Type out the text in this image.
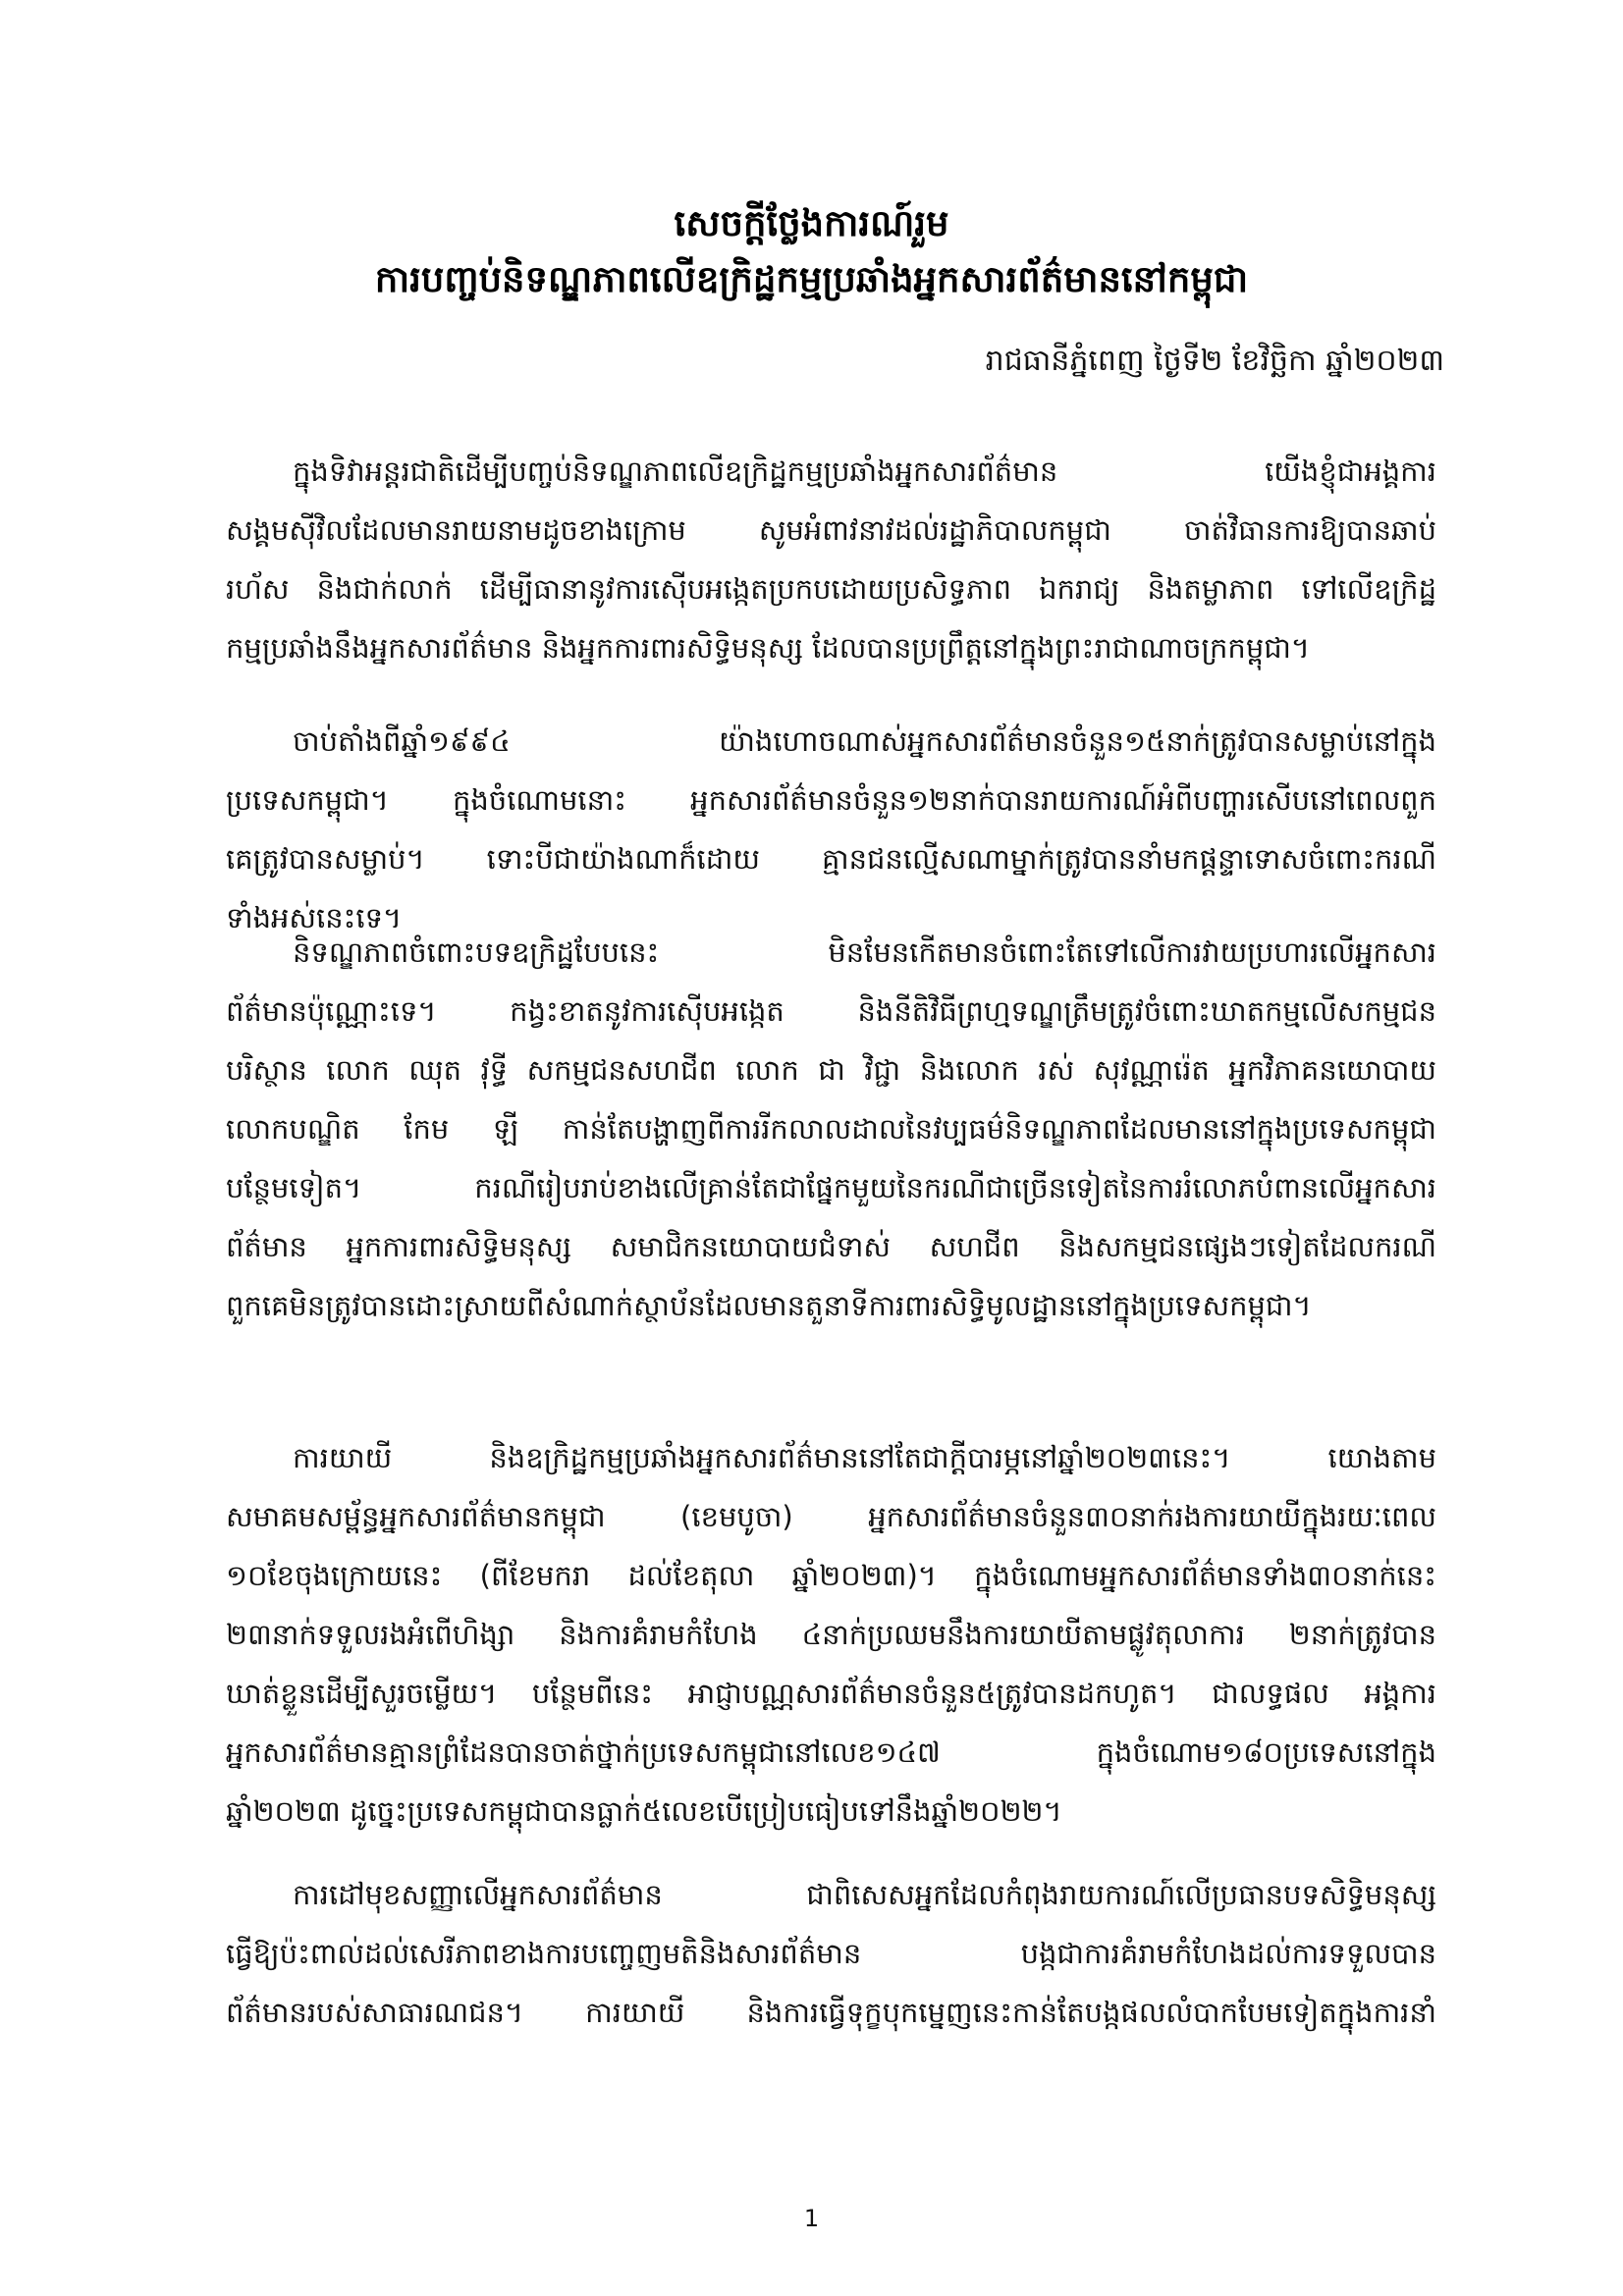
សេចក្តីថ្លែងការណ៍រួម
ការបញ្ចប់និទណ្ឌភាពលើឧក្រិដ្ឋកម្មប្រឆាំងអ្នកសារព័ត៌មាននៅកម្ពុជា
រាជធានីភ្នំពេញ ថ្ងៃទី២ ខែវិច្ឆិកា ឆ្នាំ២០២៣
ក្នុងទិវាអន្តរជាតិដើម្បីបញ្ចប់និទណ្ឌភាពលើឧក្រិដ្ឋកម្មប្រឆាំងអ្នកសារព័ត៌មាន យើងខ្ញុំជាអង្គការ
សង្គមស៊ីវិលដែលមានរាយនាមដូចខាងក្រោម សូមអំពាវនាវដល់រដ្ឋាភិបាលកម្ពុជា ចាត់វិធានការឱ្យបានឆាប់
រហ័ស និងជាក់លាក់ ដើម្បីធានានូវការស៊ើបអង្កេតប្រកបដោយប្រសិទ្ធភាព ឯករាជ្យ និងតម្លាភាព ទៅលើឧក្រិដ្ឋ
កម្មប្រឆាំងនឹងអ្នកសារព័ត៌មាន និងអ្នកការពារសិទ្ធិមនុស្ស ដែលបានប្រព្រឹត្តនៅក្នុងព្រះរាជាណាចក្រកម្ពុជា។
ចាប់តាំងពីឆ្នាំ១៩៩៤ យ៉ាងហោចណាស់អ្នកសារព័ត៌មានចំនួន១៥នាក់ត្រូវបានសម្លាប់នៅក្នុង
ប្រទេសកម្ពុជា។ ក្នុងចំណោមនោះ អ្នកសារព័ត៌មានចំនួន១២នាក់បានរាយការណ៍អំពីបញ្ហារសើបនៅពេលពួក
គេត្រូវបានសម្លាប់។ ទោះបីជាយ៉ាងណាក៏ដោយ គ្មានជនល្មើសណាម្នាក់ត្រូវបាននាំមកផ្តន្ទាទោសចំពោះករណី
ទាំងអស់នេះទេ។
និទណ្ឌភាពចំពោះបទឧក្រិដ្ឋបែបនេះ មិនមែនកើតមានចំពោះតែទៅលើការវាយប្រហារលើអ្នកសារ
ព័ត៌មានប៉ុណ្ណោះទេ។ កង្វះខាតនូវការស៊ើបអង្កេត និងនីតិវិធីព្រហ្មទណ្ឌត្រឹមត្រូវចំពោះឃាតកម្មលើសកម្មជន
បរិស្ថាន លោក ឈុត វុទ្ធី សកម្មជនសហជីព លោក ជា វិជ្ជា និងលោក រស់ សុវណ្ណារ៉េត អ្នកវិភាគនយោបាយ
លោកបណ្ឌិត កែម ឡី កាន់តែបង្ហាញពីការរីកលាលដាលនៃវប្បធម៌និទណ្ឌភាពដែលមាននៅក្នុងប្រទេសកម្ពុជា
បន្ថែមទៀត។ ករណីរៀបរាប់ខាងលើគ្រាន់តែជាផ្នែកមួយនៃករណីជាច្រើនទៀតនៃការរំលោភបំពានលើអ្នកសារ
ព័ត៌មាន អ្នកការពារសិទ្ធិមនុស្ស សមាជិកនយោបាយជំទាស់ សហជីព និងសកម្មជនផ្សេងៗទៀតដែលករណី
ពួកគេមិនត្រូវបានដោះស្រាយពីសំណាក់ស្ថាប័នដែលមានតួនាទីការពារសិទ្ធិមូលដ្ឋាននៅក្នុងប្រទេសកម្ពុជា។
ការយាយី និងឧក្រិដ្ឋកម្មប្រឆាំងអ្នកសារព័ត៌មាននៅតែជាក្តីបារម្ភនៅឆ្នាំ២០២៣នេះ។ យោងតាម
សមាគមសម្ព័ន្ធអ្នកសារព័ត៌មានកម្ពុជា (ខេមបូចា) អ្នកសារព័ត៌មានចំនួន៣០នាក់រងការយាយីក្នុងរយៈពេល
១០ខែចុងក្រោយនេះ (ពីខែមករា ដល់ខែតុលា ឆ្នាំ២០២៣)។ ក្នុងចំណោមអ្នកសារព័ត៌មានទាំង៣០នាក់នេះ
២៣នាក់ទទួលរងអំពើហិង្សា និងការគំរាមកំហែង ៤នាក់ប្រឈមនឹងការយាយីតាមផ្លូវតុលាការ ២នាក់ត្រូវបាន
ឃាត់ខ្លួនដើម្បីសួរចម្លើយ។ បន្ថែមពីនេះ អាជ្ញាបណ្ណសារព័ត៌មានចំនួន៥ត្រូវបានដកហូត។ ជាលទ្ធផល អង្គការ
អ្នកសារព័ត៌មានគ្មានព្រំដែនបានចាត់ថ្នាក់ប្រទេសកម្ពុជានៅលេខ១៤៧ ក្នុងចំណោម១៨០ប្រទេសនៅក្នុង
ឆ្នាំ២០២៣ ដូច្នេះប្រទេសកម្ពុជាបានធ្លាក់៥លេខបើប្រៀបធៀបទៅនឹងឆ្នាំ២០២២។
ការដៅមុខសញ្ញាលើអ្នកសារព័ត៌មាន ជាពិសេសអ្នកដែលកំពុងរាយការណ៍លើប្រធានបទសិទ្ធិមនុស្ស
ធ្វើឱ្យប៉ះពាល់ដល់សេរីភាពខាងការបញ្ចេញមតិនិងសារព័ត៌មាន បង្កជាការគំរាមកំហែងដល់ការទទួលបាន
ព័ត៌មានរបស់សាធារណជន។ ការយាយី និងការធ្វើទុក្ខបុកម្នេញនេះកាន់តែបង្កផលលំបាកបែមទៀតក្នុងការនាំ
1
